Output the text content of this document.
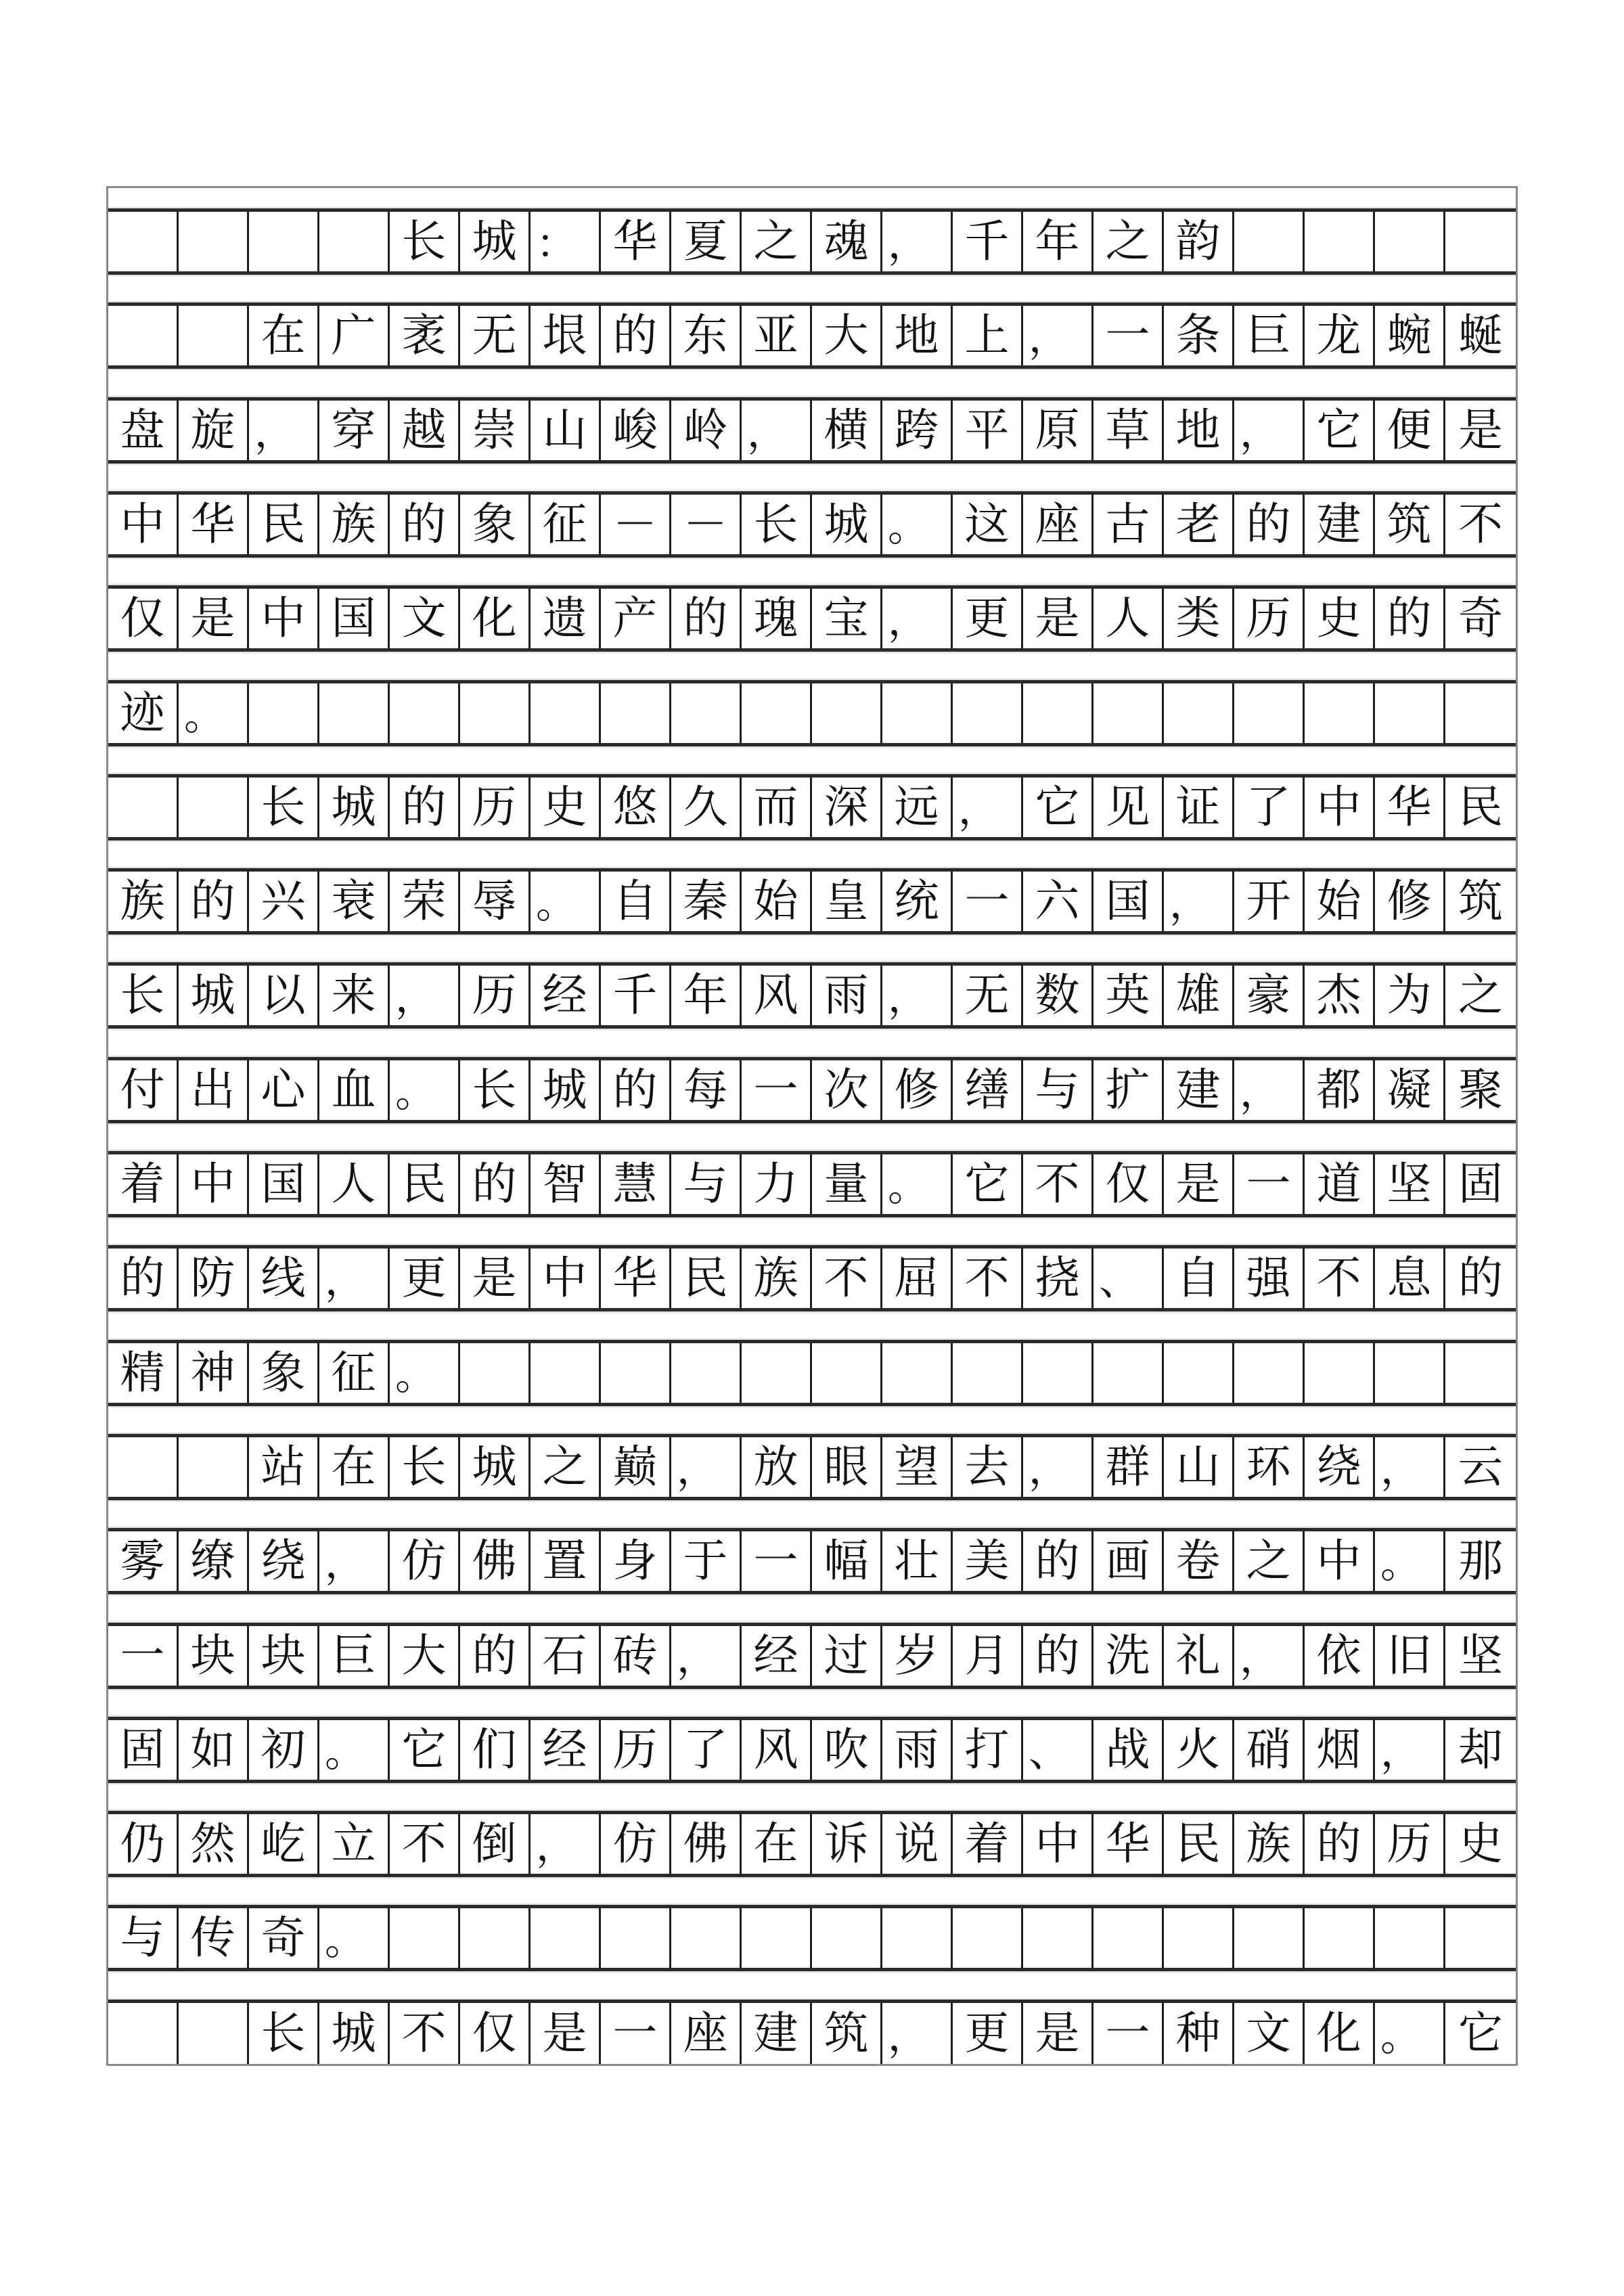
长 城 ： 华 夏 之 魂 ， 千 年 之 韵
在 广 袤 无 垠 的 东 亚 大 地 上 ， 一 条 巨 龙 蜿 蜒
盘 旋 ， 穿 越 崇 山 峻 岭 ， 横 跨 平 原 草 地 ， 它 便 是
中 华 民 族 的 象 征 － － 长 城 。 这 座 古 老 的 建 筑 不
仅 是 中 国 文 化 遗 产 的 瑰 宝 ， 更 是 人 类 历 史 的 奇
迹 。
长 城 的 历 史 悠 久 而 深 远 ， 它 见 证 了 中 华 民
族 的 兴 衰 荣 辱 。 自 秦 始 皇 统 一 六 国 ， 开 始 修 筑
长 城 以 来 ， 历 经 千 年 风 雨 ， 无 数 英 雄 豪 杰 为 之
付 出 心 血 。 长 城 的 每 一 次 修 缮 与 扩 建 ， 都 凝 聚
着 中 国 人 民 的 智 慧 与 力 量 。 它 不 仅 是 一 道 坚 固
的 防 线 ， 更 是 中 华 民 族 不 屈 不 挠 、 自 强 不 息 的
精 神 象 征 。
站 在 长 城 之 巅 ， 放 眼 望 去 ， 群 山 环 绕 ， 云
雾 缭 绕 ， 仿 佛 置 身 于 一 幅 壮 美 的 画 卷 之 中 。 那
一 块 块 巨 大 的 石 砖 ， 经 过 岁 月 的 洗 礼 ， 依 旧 坚
固 如 初 。 它 们 经 历 了 风 吹 雨 打 、 战 火 硝 烟 ， 却
仍 然 屹 立 不 倒 ， 仿 佛 在 诉 说 着 中 华 民 族 的 历 史
与 传 奇 。
长 城 不 仅 是 一 座 建 筑 ， 更 是 一 种 文 化 。 它
